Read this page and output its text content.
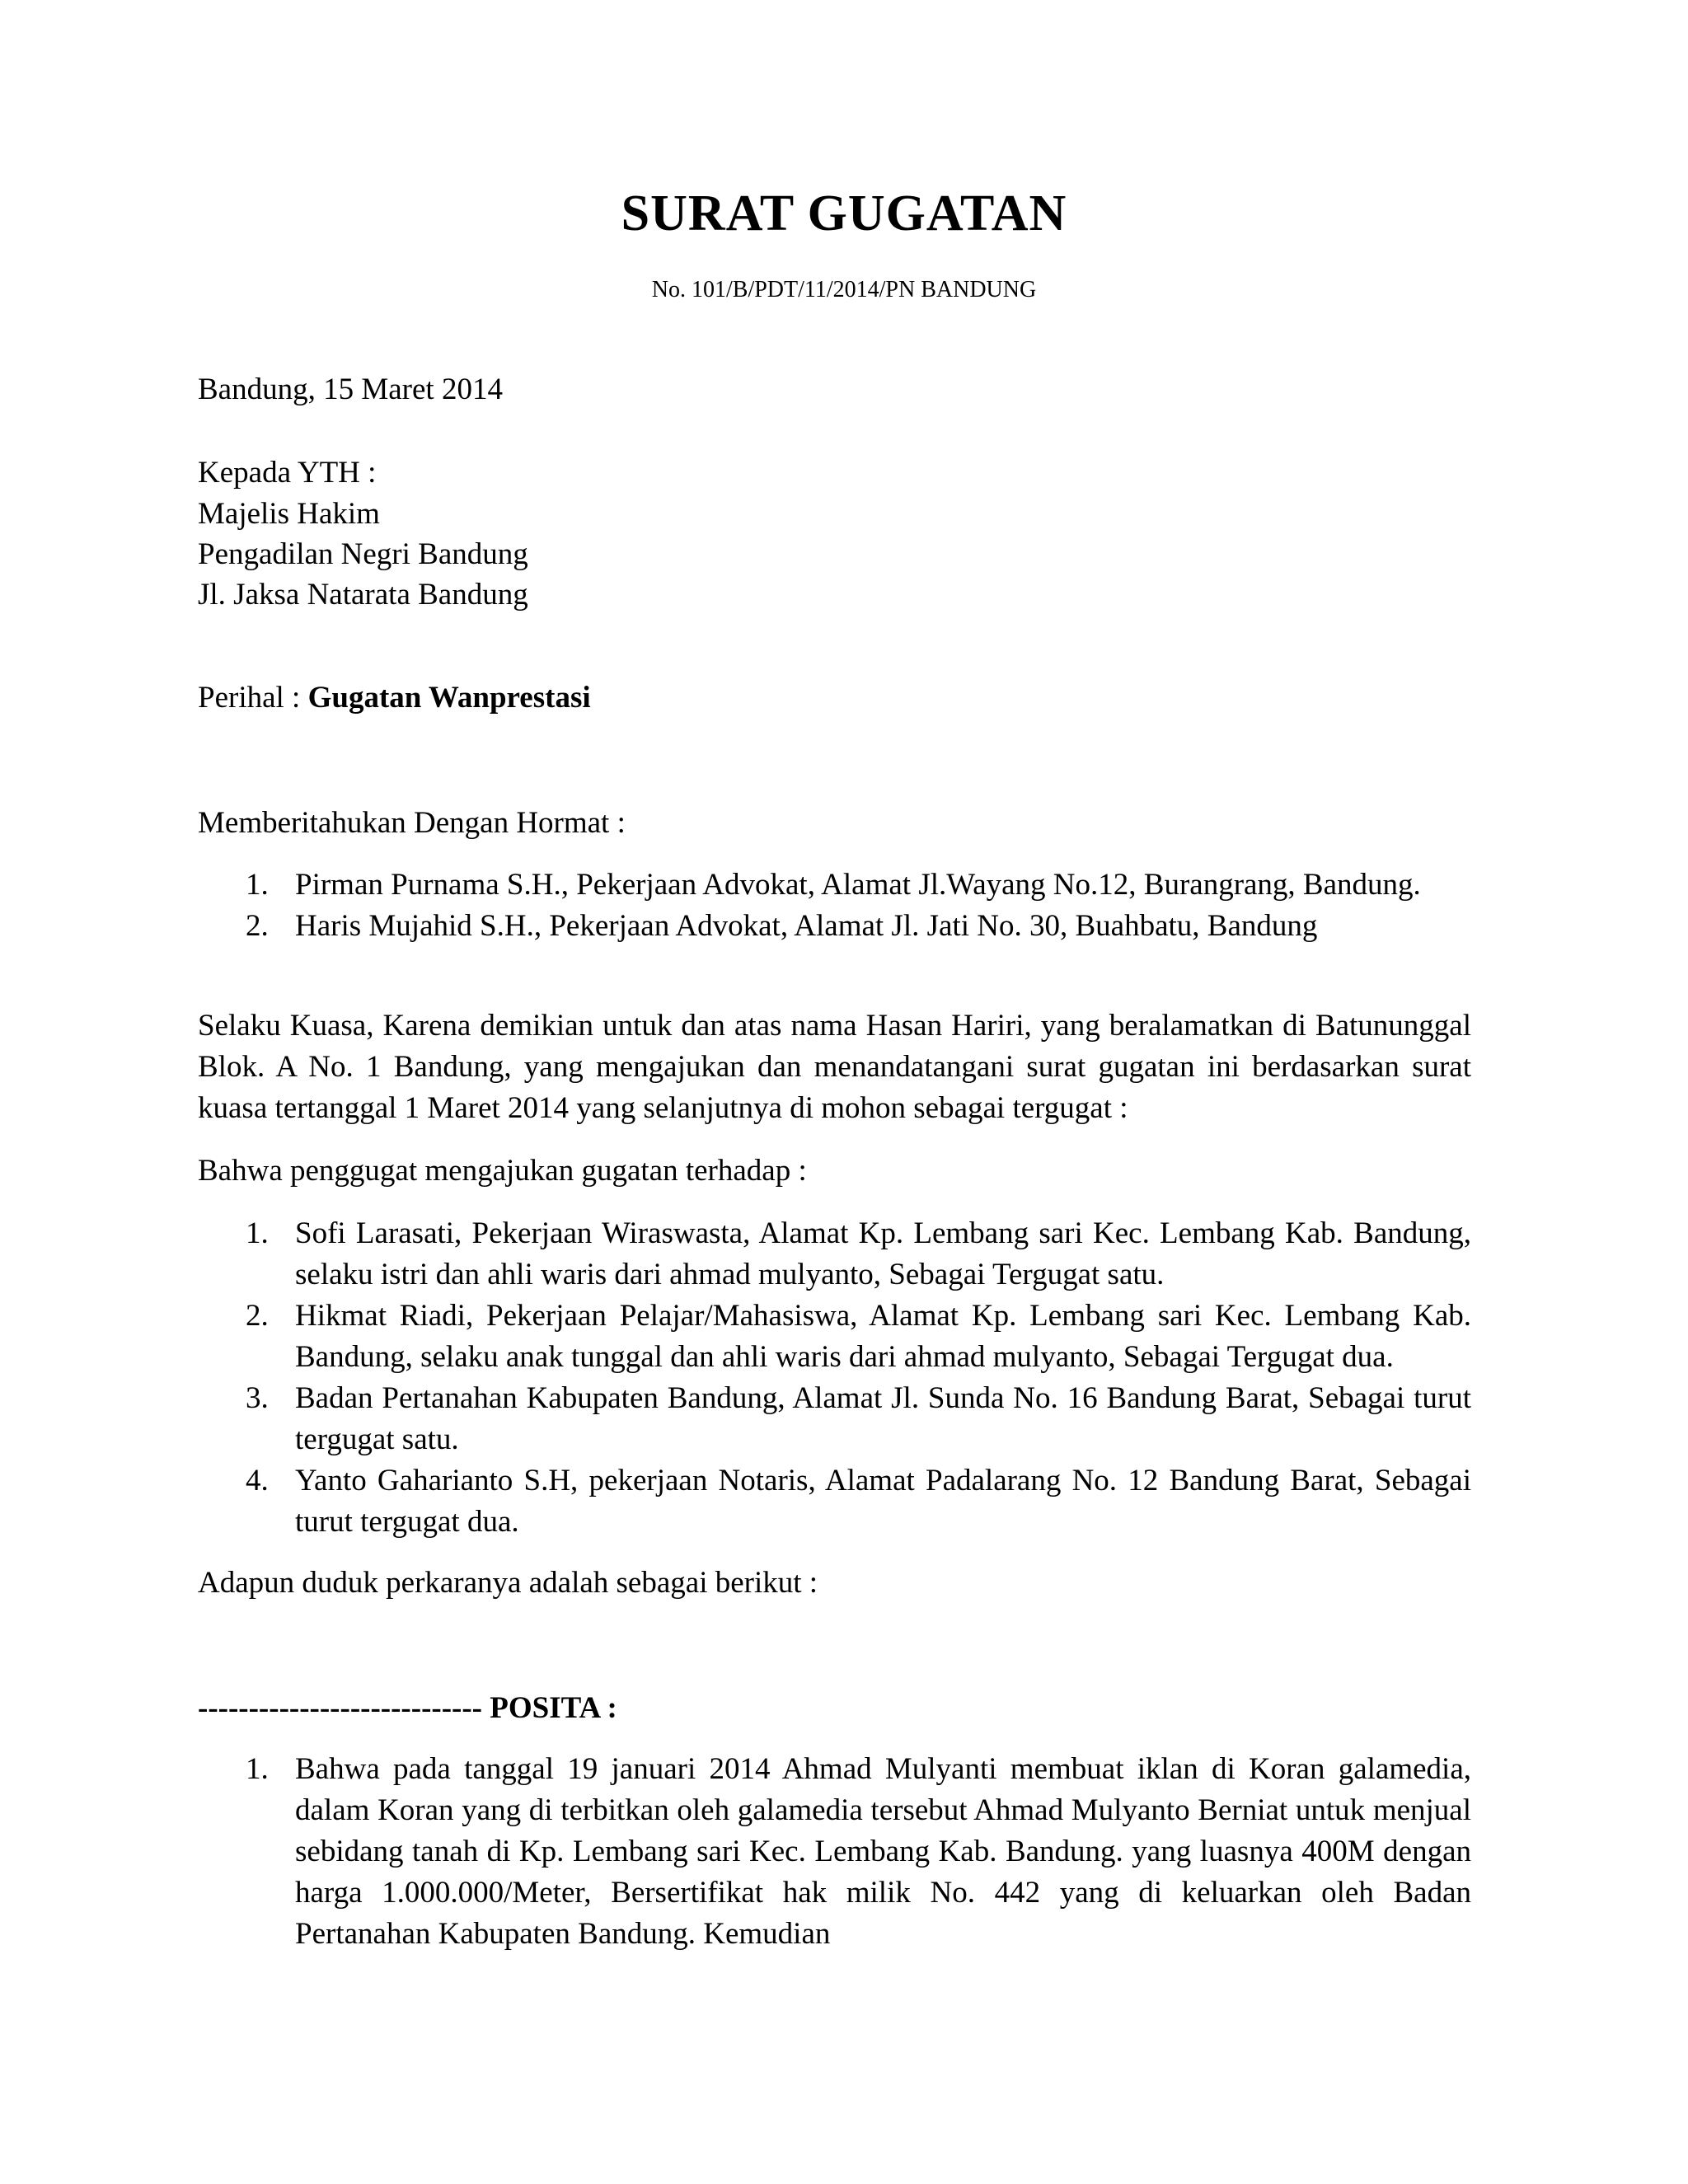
SURAT GUGATAN
No. 101/B/PDT/11/2014/PN BANDUNG
Bandung, 15 Maret 2014
Kepada YTH :
Majelis Hakim
Pengadilan Negri Bandung
Jl. Jaksa Natarata Bandung
Perihal : Gugatan Wanprestasi
Memberitahukan Dengan Hormat :
1. Pirman Purnama S.H., Pekerjaan Advokat, Alamat Jl.Wayang No.12, Burangrang, Bandung.
2. Haris Mujahid S.H., Pekerjaan Advokat, Alamat Jl. Jati No. 30, Buahbatu, Bandung
Selaku Kuasa, Karena demikian untuk dan atas nama Hasan Hariri, yang beralamatkan di Batununggal Blok. A No. 1 Bandung, yang mengajukan dan menandatangani surat gugatan ini berdasarkan surat kuasa tertanggal 1 Maret 2014 yang selanjutnya di mohon sebagai tergugat :
Bahwa penggugat mengajukan gugatan terhadap :
1. Sofi Larasati, Pekerjaan Wiraswasta, Alamat Kp. Lembang sari Kec. Lembang Kab. Bandung, selaku istri dan ahli waris dari ahmad mulyanto, Sebagai Tergugat satu.
2. Hikmat Riadi, Pekerjaan Pelajar/Mahasiswa, Alamat Kp. Lembang sari Kec. Lembang Kab. Bandung, selaku anak tunggal dan ahli waris dari ahmad mulyanto, Sebagai Tergugat dua.
3. Badan Pertanahan Kabupaten Bandung, Alamat Jl. Sunda No. 16 Bandung Barat, Sebagai turut tergugat satu.
4. Yanto Gaharianto S.H, pekerjaan Notaris, Alamat Padalarang No. 12 Bandung Barat, Sebagai turut tergugat dua.
Adapun duduk perkaranya adalah sebagai berikut :
---------------------------- POSITA :
1. Bahwa pada tanggal 19 januari 2014 Ahmad Mulyanti membuat iklan di Koran galamedia, dalam Koran yang di terbitkan oleh galamedia tersebut Ahmad Mulyanto Berniat untuk menjual sebidang tanah di Kp. Lembang sari Kec. Lembang Kab. Bandung. yang luasnya 400M dengan harga 1.000.000/Meter, Bersertifikat hak milik No. 442 yang di keluarkan oleh Badan Pertanahan Kabupaten Bandung. Kemudian
